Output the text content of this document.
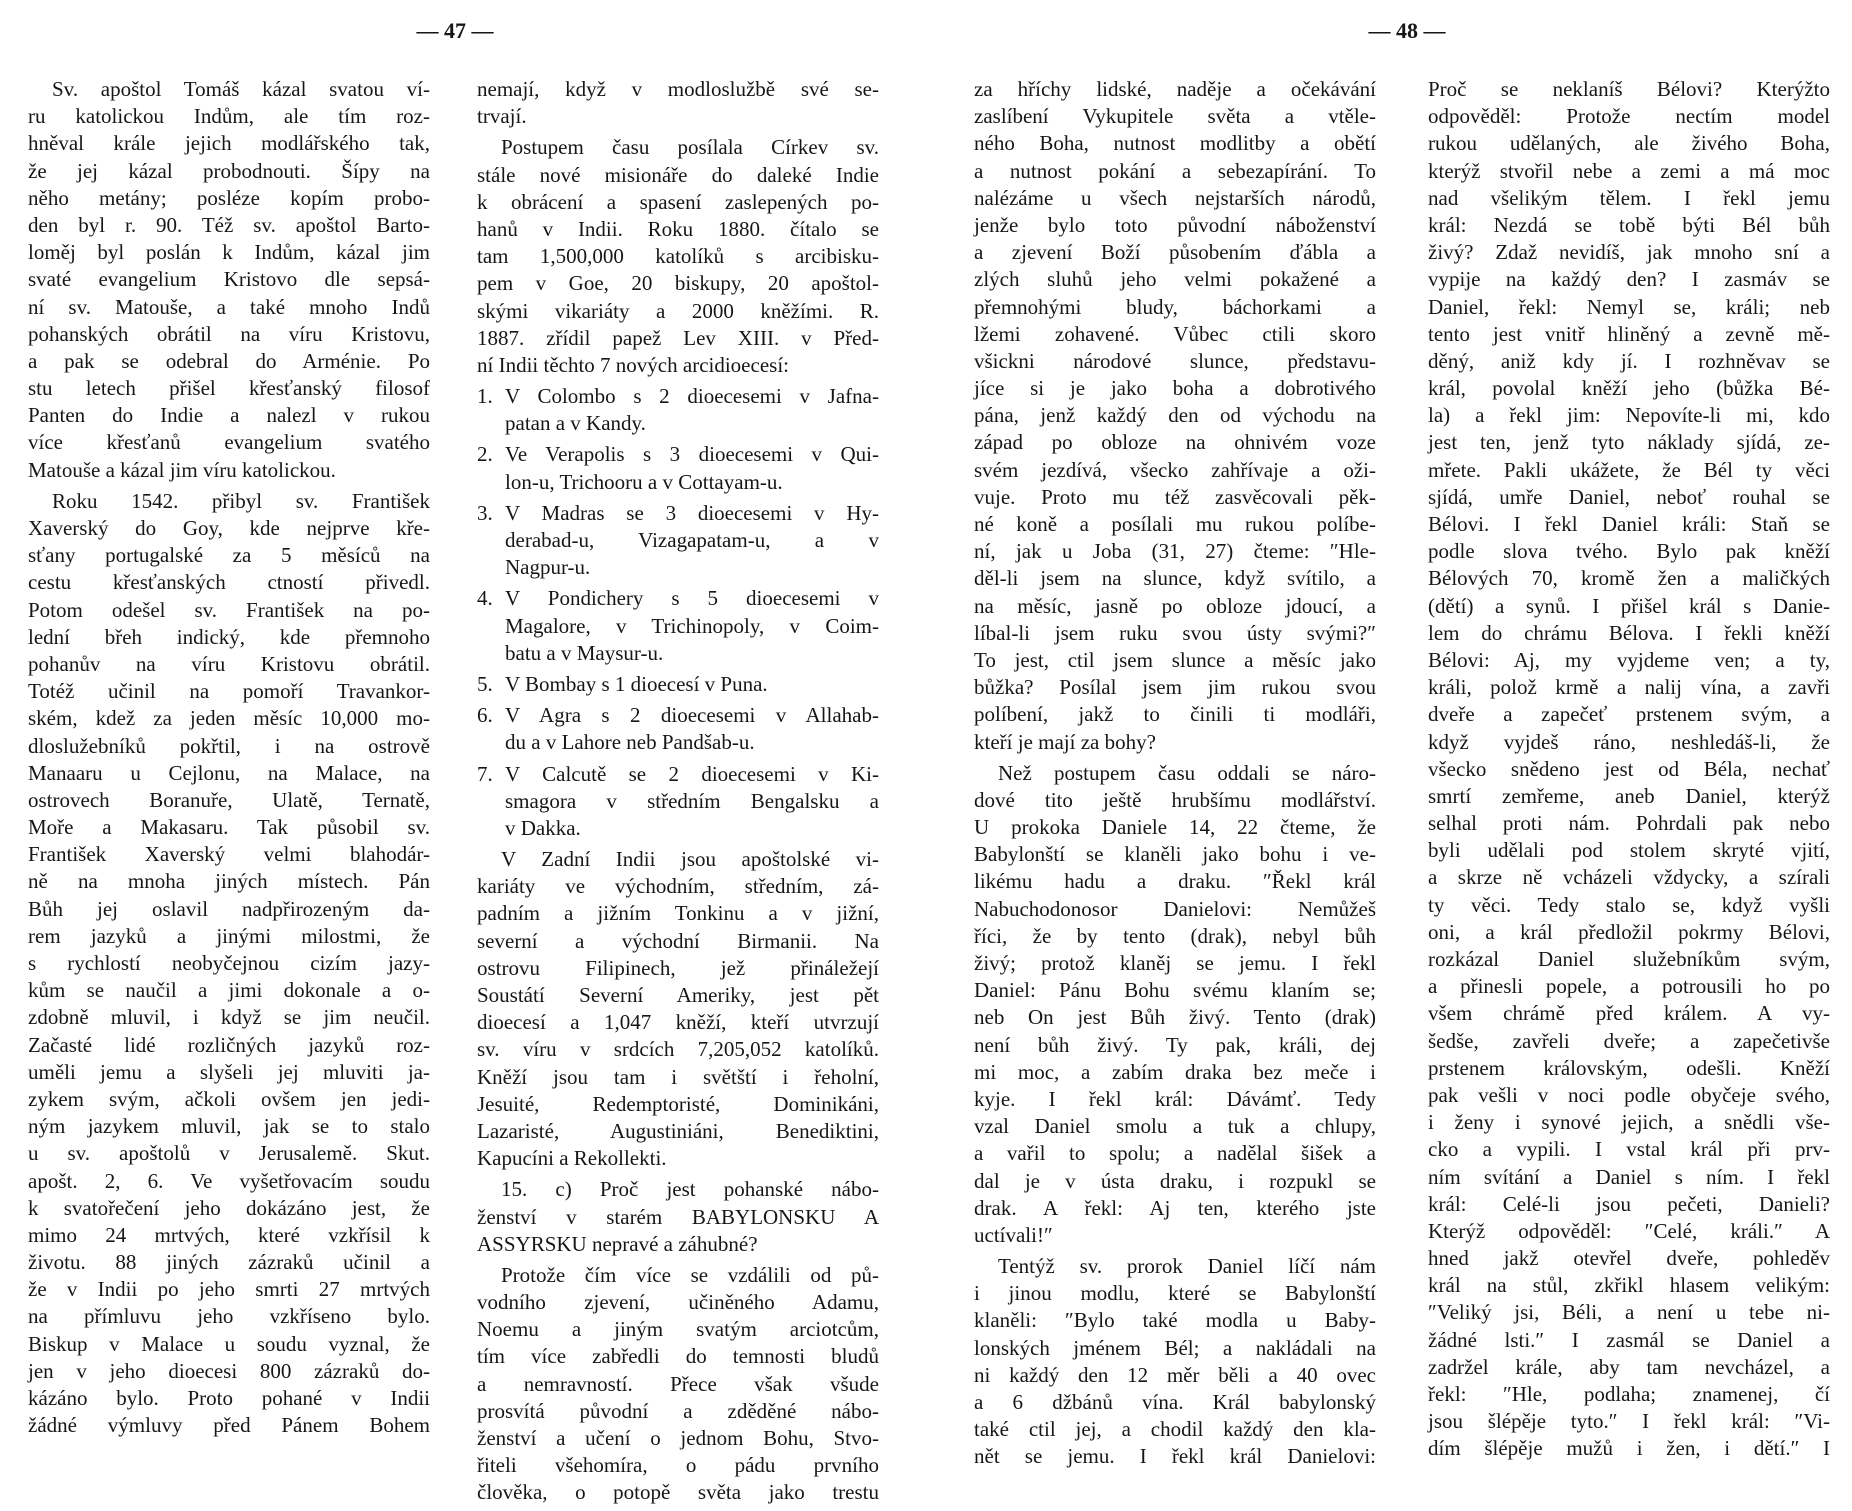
— 47 —
Sv. apoštol Tomáš kázal svatou ví-
ru katolickou Indům, ale tím roz-
hněval krále jejich modlářského tak,
že jej kázal probodnouti. Šípy na
něho metány; posléze kopím probo-
den byl r. 90. Též sv. apoštol Barto-
loměj byl poslán k Indům, kázal jim
svaté evangelium Kristovo dle sepsá-
ní sv. Matouše, a také mnoho Indů
pohanských obrátil na víru Kristovu,
a pak se odebral do Arménie. Po
stu letech přišel křesťanský filosof
Panten do Indie a nalezl v rukou
více křesťanů evangelium svatého
Matouše a kázal jim víru katolickou.
Roku 1542. přibyl sv. František
Xaverský do Goy, kde nejprve kře-
sťany portugalské za 5 měsíců na
cestu křesťanských ctností přivedl.
Potom odešel sv. František na po-
lední břeh indický, kde přemnoho
pohanův na víru Kristovu obrátil.
Totéž učinil na pomoří Travankor-
ském, kdež za jeden měsíc 10,000 mo-
dloslužebníků pokřtil, i na ostrově
Manaaru u Cejlonu, na Malace, na
ostrovech Boranuře, Ulatě, Ternatě,
Moře a Makasaru. Tak působil sv.
František Xaverský velmi blahodár-
ně na mnoha jiných místech. Pán
Bůh jej oslavil nadpřirozeným da-
rem jazyků a jinými milostmi, že
s rychlostí neobyčejnou cizím jazy-
kům se naučil a jimi dokonale a o-
zdobně mluvil, i když se jim neučil.
Začasté lidé rozličných jazyků roz-
uměli jemu a slyšeli jej mluviti ja-
zykem svým, ačkoli ovšem jen jedi-
ným jazykem mluvil, jak se to stalo
u sv. apoštolů v Jerusalemě. Skut.
apošt. 2, 6. Ve vyšetřovacím soudu
k svatořečení jeho dokázáno jest, že
mimo 24 mrtvých, které vzkřísil k
životu. 88 jiných zázraků učinil a
že v Indii po jeho smrti 27 mrtvých
na přímluvu jeho vzkříseno bylo.
Biskup v Malace u soudu vyznal, že
jen v jeho dioecesi 800 zázraků do-
kázáno bylo. Proto pohané v Indii
žádné výmluvy před Pánem Bohem
nemají, když v modloslužbě své se-
trvají.
Postupem času posílala Církev sv.
stále nové misionáře do daleké Indie
k obrácení a spasení zaslepených po-
hanů v Indii. Roku 1880. čítalo se
tam 1,500,000 katolíků s arcibisku-
pem v Goe, 20 biskupy, 20 apoštol-
skými vikariáty a 2000 kněžími. R.
1887. zřídil papež Lev XIII. v Před-
ní Indii těchto 7 nových arcidioecesí:
1. V Colombo s 2 dioecesemi v Jafna-
patan a v Kandy.
2. Ve Verapolis s 3 dioecesemi v Qui-
lon-u, Trichooru a v Cottayam-u.
3. V Madras se 3 dioecesemi v Hy-
derabad-u, Vizagapatam-u, a v
Nagpur-u.
4. V Pondichery s 5 dioecesemi v
Magalore, v Trichinopoly, v Coim-
batu a v Maysur-u.
5. V Bombay s 1 dioecesí v Puna.
6. V Agra s 2 dioecesemi v Allahab-
du a v Lahore neb Pandšab-u.
7. V Calcutě se 2 dioecesemi v Ki-
smagora v středním Bengalsku a
v Dakka.
V Zadní Indii jsou apoštolské vi-
kariáty ve východním, středním, zá-
padním a jižním Tonkinu a v jižní,
severní a východní Birmanii. Na
ostrovu Filipinech, jež přináležejí
Soustátí Severní Ameriky, jest pět
dioecesí a 1,047 kněží, kteří utvrzují
sv. víru v srdcích 7,205,052 katolíků.
Kněží jsou tam i světští i řeholní,
Jesuité, Redemptoristé, Dominikáni,
Lazaristé, Augustiniáni, Benediktini,
Kapucíni a Rekollekti.
15. c) Proč jest pohanské nábo-
ženství v starém BABYLONSKU A
ASSYRSKU nepravé a záhubné?
Protože čím více se vzdálili od pů-
vodního zjevení, učiněného Adamu,
Noemu a jiným svatým arciotcům,
tím více zabředli do temnosti bludů
a nemravností. Přece však všude
prosvítá původní a zděděné nábo-
ženství a učení o jednom Bohu, Stvo-
řiteli všehomíra, o pádu prvního
člověka, o potopě světa jako trestu
— 48 —
za hříchy lidské, naděje a očekávání
zaslíbení Vykupitele světa a vtěle-
ného Boha, nutnost modlitby a obětí
a nutnost pokání a sebezapírání. To
nalézáme u všech nejstarších národů,
jenže bylo toto původní náboženství
a zjevení Boží působením ďábla a
zlých sluhů jeho velmi pokažené a
přemnohými bludy, báchorkami a
lžemi zohavené. Vůbec ctili skoro
všickni národové slunce, představu-
jíce si je jako boha a dobrotivého
pána, jenž každý den od východu na
západ po obloze na ohnivém voze
svém jezdívá, všecko zahřívaje a oži-
vuje. Proto mu též zasvěcovali pěk-
né koně a posílali mu rukou políbe-
ní, jak u Joba (31, 27) čteme: ″Hle-
děl-li jsem na slunce, když svítilo, a
na měsíc, jasně po obloze jdoucí, a
líbal-li jsem ruku svou ústy svými?″
To jest, ctil jsem slunce a měsíc jako
bůžka? Posílal jsem jim rukou svou
políbení, jakž to činili ti modláři,
kteří je mají za bohy?
Než postupem času oddali se náro-
dové tito ještě hrubšímu modlářství.
U prokoka Daniele 14, 22 čteme, že
Babylonští se klaněli jako bohu i ve-
likému hadu a draku. ″Řekl král
Nabuchodonosor Danielovi: Nemůžeš
říci, že by tento (drak), nebyl bůh
živý; protož klaněj se jemu. I řekl
Daniel: Pánu Bohu svému klaním se;
neb On jest Bůh živý. Tento (drak)
není bůh živý. Ty pak, králi, dej
mi moc, a zabím draka bez meče i
kyje. I řekl král: Dávámť. Tedy
vzal Daniel smolu a tuk a chlupy,
a vařil to spolu; a nadělal šišek a
dal je v ústa draku, i rozpukl se
drak. A řekl: Aj ten, kterého jste
uctívali!″
Tentýž sv. prorok Daniel líčí nám
i jinou modlu, které se Babylonští
klaněli: ″Bylo také modla u Baby-
lonských jménem Bél; a nakládali na
ni každý den 12 měr běli a 40 ovec
a 6 džbánů vína. Král babylonský
také ctil jej, a chodil každý den kla-
nět se jemu. I řekl král Danielovi:
Proč se neklaníš Bélovi? Kterýžto
odpověděl: Protože nectím model
rukou udělaných, ale živého Boha,
kterýž stvořil nebe a zemi a má moc
nad všelikým tělem. I řekl jemu
král: Nezdá se tobě býti Bél bůh
živý? Zdaž nevidíš, jak mnoho sní a
vypije na každý den? I zasmáv se
Daniel, řekl: Nemyl se, králi; neb
tento jest vnitř hliněný a zevně mě-
děný, aniž kdy jí. I rozhněvav se
král, povolal kněží jeho (bůžka Bé-
la) a řekl jim: Nepovíte-li mi, kdo
jest ten, jenž tyto náklady sjídá, ze-
mřete. Pakli ukážete, že Bél ty věci
sjídá, umře Daniel, neboť rouhal se
Bélovi. I řekl Daniel králi: Staň se
podle slova tvého. Bylo pak kněží
Bélových 70, kromě žen a maličkých
(dětí) a synů. I přišel král s Danie-
lem do chrámu Bélova. I řekli kněží
Bélovi: Aj, my vyjdeme ven; a ty,
králi, polož krmě a nalij vína, a zavři
dveře a zapečeť prstenem svým, a
když vyjdeš ráno, neshledáš-li, že
všecko snědeno jest od Béla, nechať
smrtí zemřeme, aneb Daniel, kterýž
selhal proti nám. Pohrdali pak nebo
byli udělali pod stolem skryté vjití,
a skrze ně vcházeli vždycky, a szírali
ty věci. Tedy stalo se, když vyšli
oni, a král předložil pokrmy Bélovi,
rozkázal Daniel služebníkům svým,
a přinesli popele, a potrousili ho po
všem chrámě před králem. A vy-
šedše, zavřeli dveře; a zapečetivše
prstenem královským, odešli. Kněží
pak vešli v noci podle obyčeje svého,
i ženy i synové jejich, a snědli vše-
cko a vypili. I vstal král při prv-
ním svítání a Daniel s ním. I řekl
král: Celé-li jsou pečeti, Danieli?
Kterýž odpověděl: ″Celé, králi.″ A
hned jakž otevřel dveře, pohleděv
král na stůl, zkřikl hlasem velikým:
″Veliký jsi, Béli, a není u tebe ni-
žádné lsti.″ I zasmál se Daniel a
zadržel krále, aby tam nevcházel, a
řekl: ″Hle, podlaha; znamenej, čí
jsou šlépěje tyto.″ I řekl král: ″Vi-
dím šlépěje mužů i žen, i dětí.″ I
